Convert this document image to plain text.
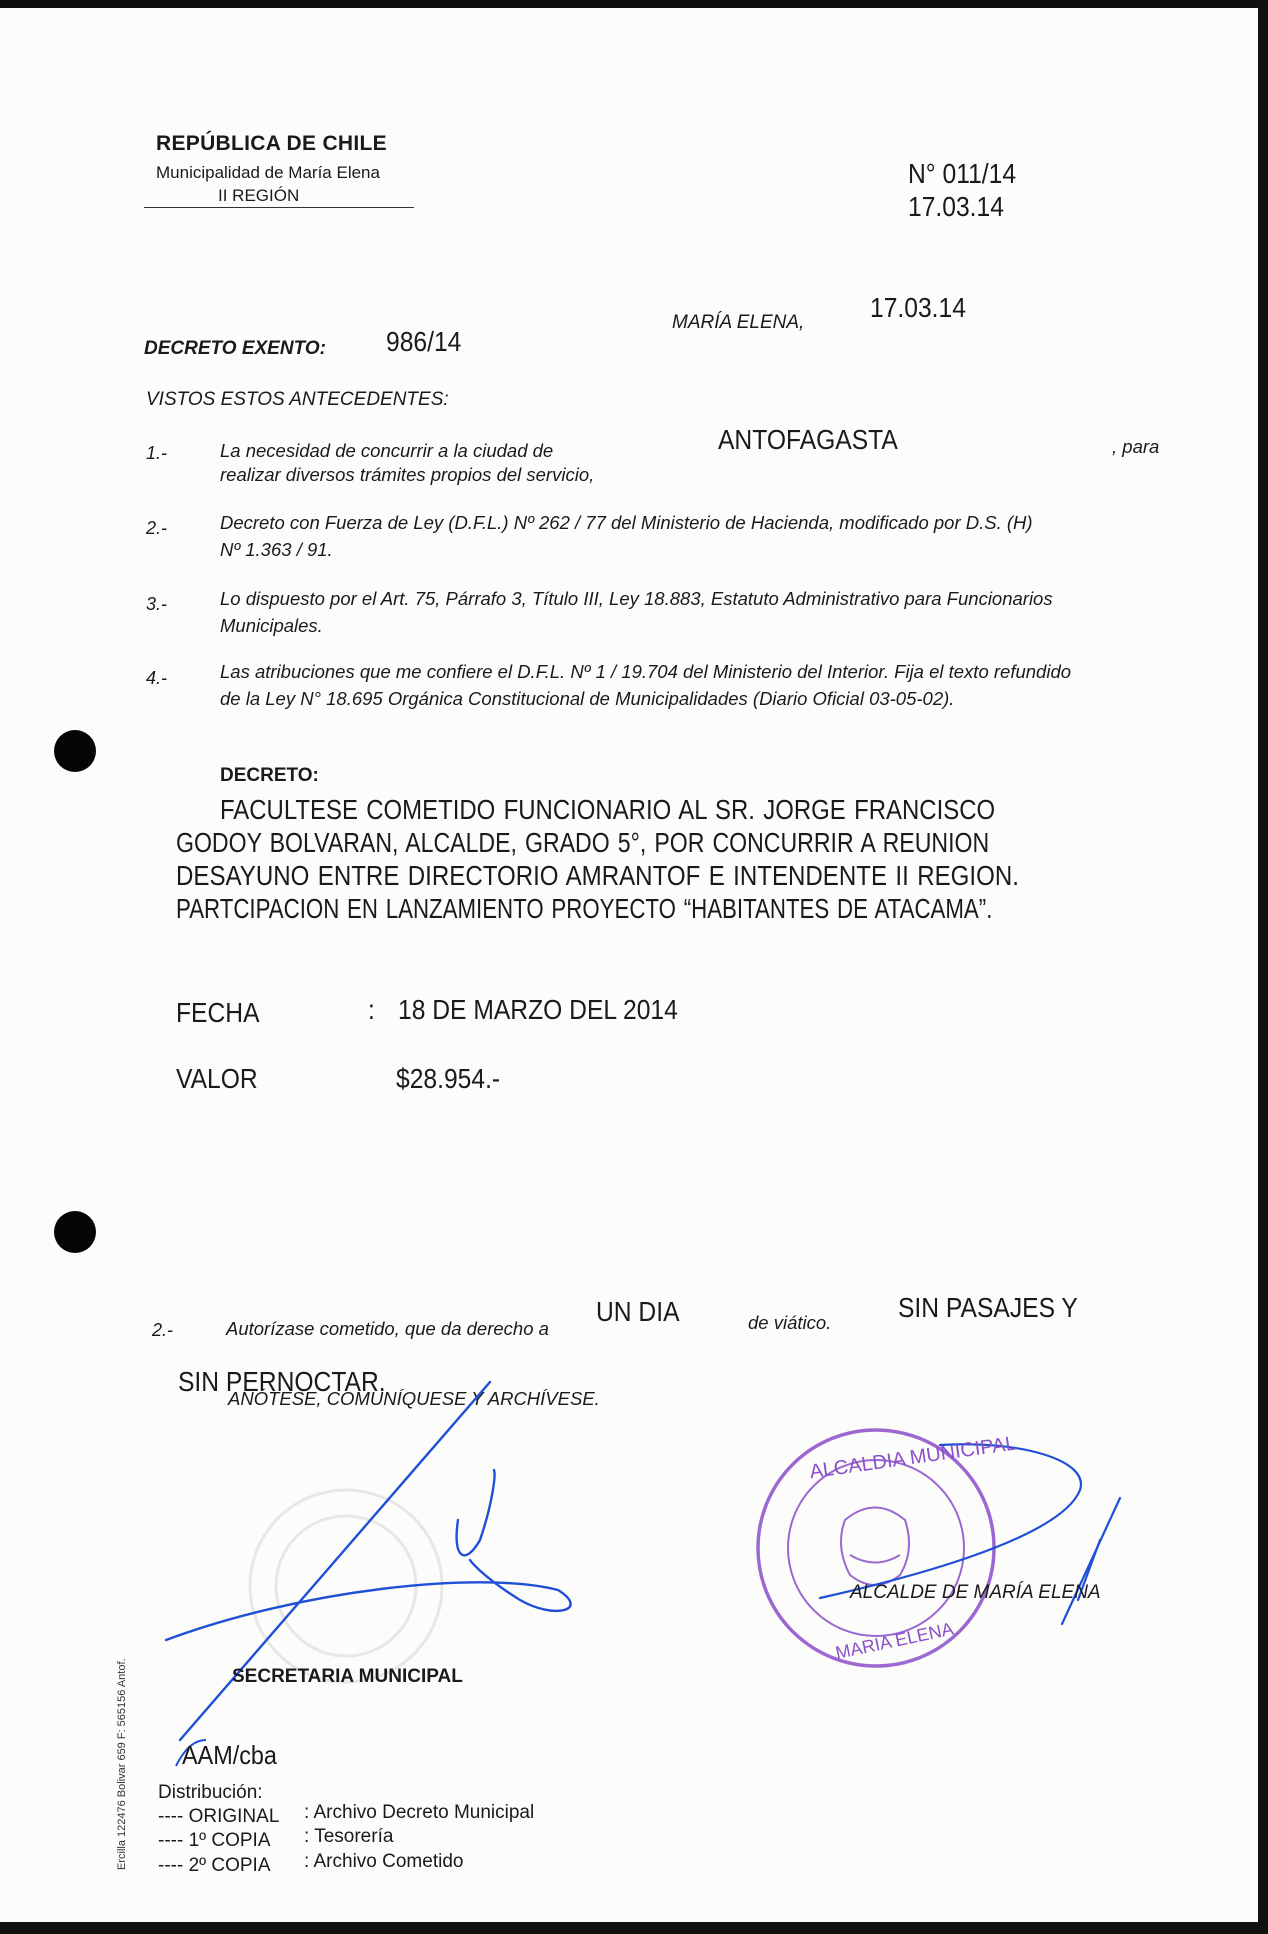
REPÚBLICA DE CHILE
Municipalidad de María Elena
II REGIÓN
N° 011/14
17.03.14
MARÍA ELENA, 17.03.14
DECRETO EXENTO: 986/14
VISTOS ESTOS ANTECEDENTES:
1.-	La necesidad de concurrir a la ciudad de	ANTOFAGASTA	, para
realizar diversos trámites propios del servicio,
2.-	Decreto con Fuerza de Ley (D.F.L.) Nº 262 / 77 del Ministerio de Hacienda, modificado por D.S. (H)
Nº 1.363 / 91.
3.-	Lo dispuesto por el Art. 75, Párrafo 3, Título III, Ley 18.883, Estatuto Administrativo para Funcionarios
Municipales.
4.-	Las atribuciones que me confiere el D.F.L. Nº 1 / 19.704 del Ministerio del Interior. Fija el texto refundido
de la Ley N° 18.695 Orgánica Constitucional de Municipalidades (Diario Oficial 03-05-02).
DECRETO:
FACULTESE COMETIDO FUNCIONARIO AL SR. JORGE FRANCISCO
GODOY BOLVARAN, ALCALDE, GRADO 5°, POR CONCURRIR A REUNION
DESAYUNO ENTRE DIRECTORIO AMRANTOF E INTENDENTE II REGION.
PARTCIPACION EN LANZAMIENTO PROYECTO “HABITANTES DE ATACAMA”.
FECHA	: 18 DE MARZO DEL 2014
VALOR	$28.954.-
2.-	Autorízase cometido, que da derecho a
UN DIA	de viático. SIN PASAJES Y
SIN PERNOCTAR.
ANÓTESE, COMUNÍQUESE Y ARCHÍVESE.
ALCALDIA MUNICIPAL
MARIA ELENA
SECRETARIA MUNICIPAL
ALCALDE DE MARÍA ELENA
AAM/cba
Distribución:
---- ORIGINAL : Archivo Decreto Municipal
---- 1º COPIA : Tesorería
---- 2º COPIA : Archivo Cometido
Ercilla 122476 Bolivar 659 F: 565156 Antof.
